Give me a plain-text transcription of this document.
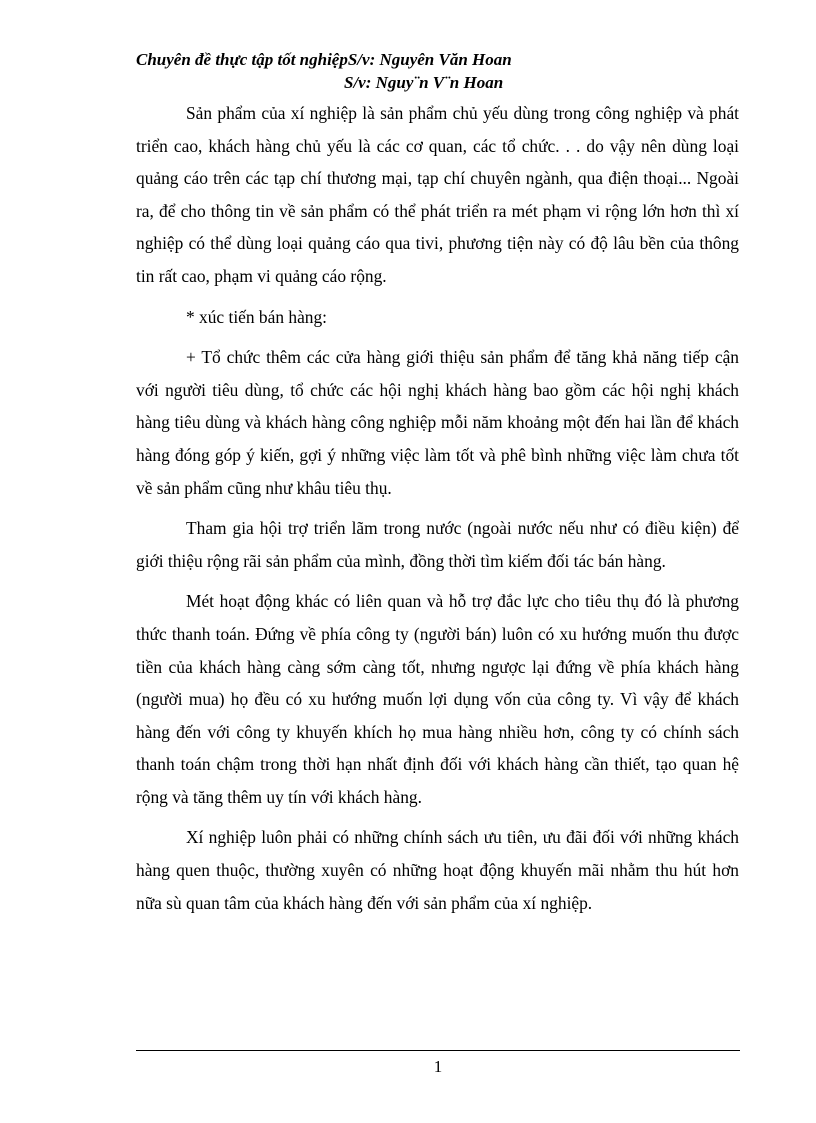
Chuyên đề thực tập tốt nghiệpS/v: Nguyên Văn Hoan
S/v: Nguy¨n V¨n Hoan

Sản phẩm của xí nghiệp là sản phẩm chủ yếu dùng trong công nghiệp và phát triển cao, khách hàng chủ yếu là các cơ quan, các tổ chức. . . do vậy nên dùng loại quảng cáo trên các tạp chí thương mại, tạp chí chuyên ngành, qua điện thoại... Ngoài ra, để cho thông tin về sản phẩm có thể phát triển ra mét phạm vi rộng lớn hơn thì xí nghiệp có thể dùng loại quảng cáo qua tivi, phương tiện này có độ lâu bền của thông tin rất cao, phạm vi quảng cáo rộng.

* xúc tiến bán hàng:

+ Tổ chức thêm các cửa hàng giới thiệu sản phẩm để tăng khả năng tiếp cận với người tiêu dùng, tổ chức các hội nghị khách hàng bao gồm các hội nghị khách hàng tiêu dùng và khách hàng công nghiệp mỗi năm khoảng một đến hai lần để khách hàng đóng góp ý kiến, gợi ý những việc làm tốt và phê bình những việc làm chưa tốt về sản phẩm cũng như khâu tiêu thụ.

Tham gia hội trợ triển lãm trong nước (ngoài nước nếu như có điều kiện) để giới thiệu rộng rãi sản phẩm của mình, đồng thời tìm kiếm đối tác bán hàng.

Mét hoạt động khác có liên quan và hỗ trợ đắc lực cho tiêu thụ đó là phương thức thanh toán. Đứng về phía công ty (người bán) luôn có xu hướng muốn thu được tiền của khách hàng càng sớm càng tốt, nhưng ngược lại đứng về phía khách hàng (người mua) họ đều có xu hướng muốn lợi dụng vốn của công ty. Vì vậy để khách hàng đến với công ty khuyến khích họ mua hàng nhiều hơn, công ty có chính sách thanh toán chậm trong thời hạn nhất định đối với khách hàng cần thiết, tạo quan hệ rộng và tăng thêm uy tín với khách hàng.

Xí nghiệp luôn phải có những chính sách ưu tiên, ưu đãi đối với những khách hàng quen thuộc, thường xuyên có những hoạt động khuyến mãi nhằm thu hút hơn nữa sù quan tâm của khách hàng đến với sản phẩm của xí nghiệp.

1
